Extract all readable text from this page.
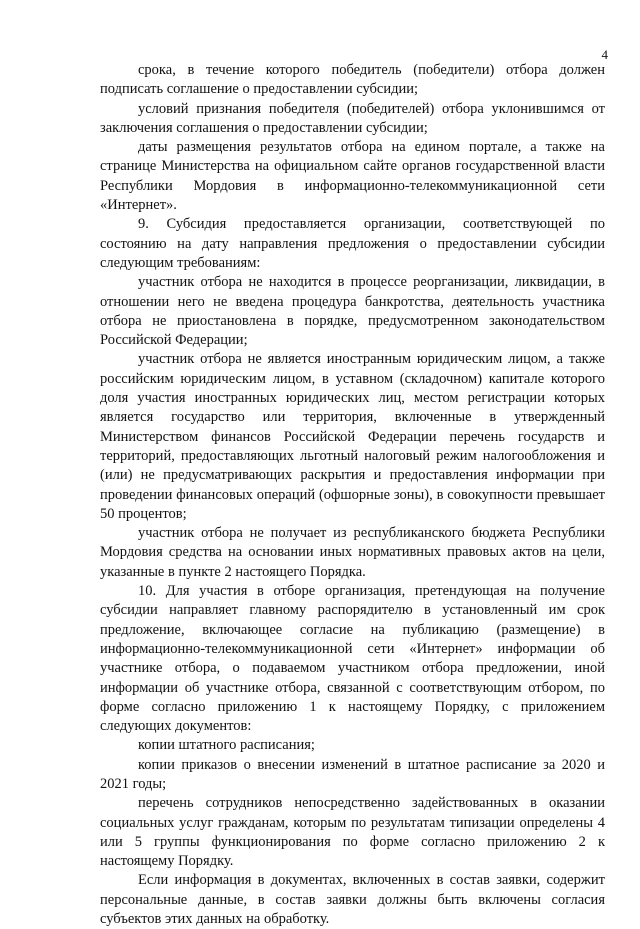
4

срока, в течение которого победитель (победители) отбора должен подписать соглашение о предоставлении субсидии;

условий признания победителя (победителей) отбора уклонившимся от заключения соглашения о предоставлении субсидии;

даты размещения результатов отбора на едином портале, а также на странице Министерства на официальном сайте органов государственной власти Республики Мордовия в информационно-телекоммуникационной сети «Интернет».

9. Субсидия предоставляется организации, соответствующей по состоянию на дату направления предложения о предоставлении субсидии следующим требованиям:

участник отбора не находится в процессе реорганизации, ликвидации, в отношении него не введена процедура банкротства, деятельность участника отбора не приостановлена в порядке, предусмотренном законодательством Российской Федерации;

участник отбора не является иностранным юридическим лицом, а также российским юридическим лицом, в уставном (складочном) капитале которого доля участия иностранных юридических лиц, местом регистрации которых является государство или территория, включенные в утвержденный Министерством финансов Российской Федерации перечень государств и территорий, предоставляющих льготный налоговый режим налогообложения и (или) не предусматривающих раскрытия и предоставления информации при проведении финансовых операций (офшорные зоны), в совокупности превышает 50 процентов;

участник отбора не получает из республиканского бюджета Республики Мордовия средства на основании иных нормативных правовых актов на цели, указанные в пункте 2 настоящего Порядка.

10. Для участия в отборе организация, претендующая на получение субсидии направляет главному распорядителю в установленный им срок предложение, включающее согласие на публикацию (размещение) в информационно-телекоммуникационной сети «Интернет» информации об участнике отбора, о подаваемом участником отбора предложении, иной информации об участнике отбора, связанной с соответствующим отбором, по форме согласно приложению 1 к настоящему Порядку, с приложением следующих документов:

копии штатного расписания;

копии приказов о внесении изменений в штатное расписание за 2020 и 2021 годы;

перечень сотрудников непосредственно задействованных в оказании социальных услуг гражданам, которым по результатам типизации определены 4 или 5 группы функционирования по форме согласно приложению 2 к настоящему Порядку.

Если информация в документах, включенных в состав заявки, содержит персональные данные, в состав заявки должны быть включены согласия субъектов этих данных на обработку.
